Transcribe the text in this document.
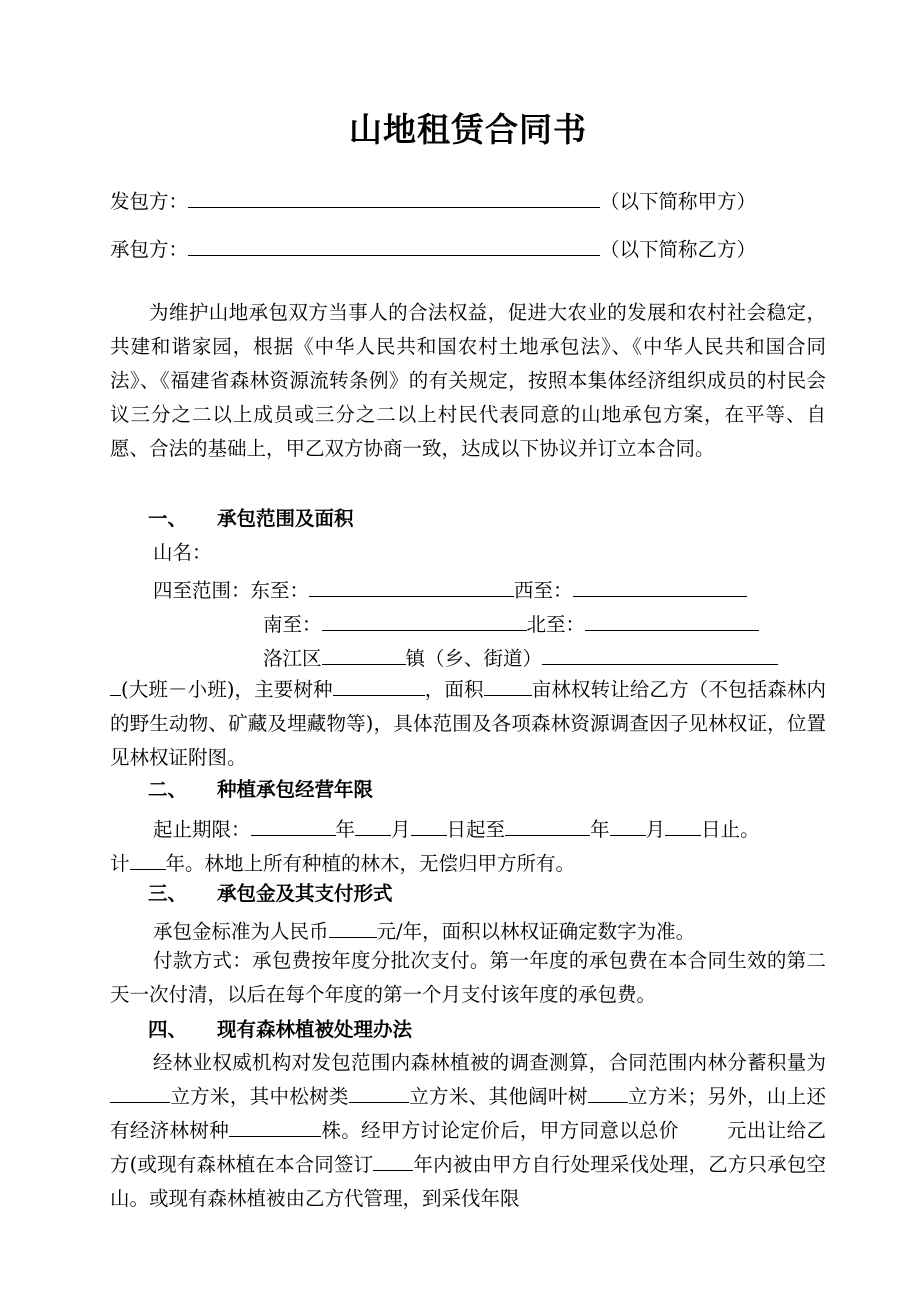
山地租赁合同书
发包方：	（以下简称甲方）
承包方：	（以下简称乙方）

为维护山地承包双方当事人的合法权益，促进大农业的发展和农村社会稳定，共建和谐家园，根据《中华人民共和国农村土地承包法》、《中华人民共和国合同法》、《福建省森林资源流转条例》的有关规定，按照本集体经济组织成员的村民会议三分之二以上成员或三分之二以上村民代表同意的山地承包方案，在平等、自愿、合法的基础上，甲乙双方协商一致，达成以下协议并订立本合同。

一、 承包范围及面积
山名：
四至范围：东至：	西至：
南至：	北至：
洛江区	镇（乡、街道）

(大班－小班)，主要树种	，面积 亩林权转让给乙方（不包括森林内的野生动物、矿藏及埋藏物等)，具体范围及各项森林资源调查因子见林权证，位置见林权证附图。

二、 种植承包经营年限
起止期限：	年 月 日起至	年 月 日止。
计 年。林地上所有种植的林木，无偿归甲方所有。
三、 承包金及其支付形式
承包金标准为人民币 元/年，面积以林权证确定数字为准。

付款方式：承包费按年度分批次支付。第一年度的承包费在本合同生效的第二天一次付清，以后在每个年度的第一个月支付该年度的承包费。

四、 现有森林植被处理办法

经林业权威机构对发包范围内森林植被的调查测算，合同范围内林分蓄积量为立方米，其中松树类	立方米、其他阔叶树 立方米；另外，山上还有经济林树种	株。经甲方讨论定价后，甲方同意以总价 元出让给乙方(或现有森林植在本合同签订 年内被由甲方自行处理采伐处理，乙方只承包空山。或现有森林植被由乙方代管理，到采伐年限
